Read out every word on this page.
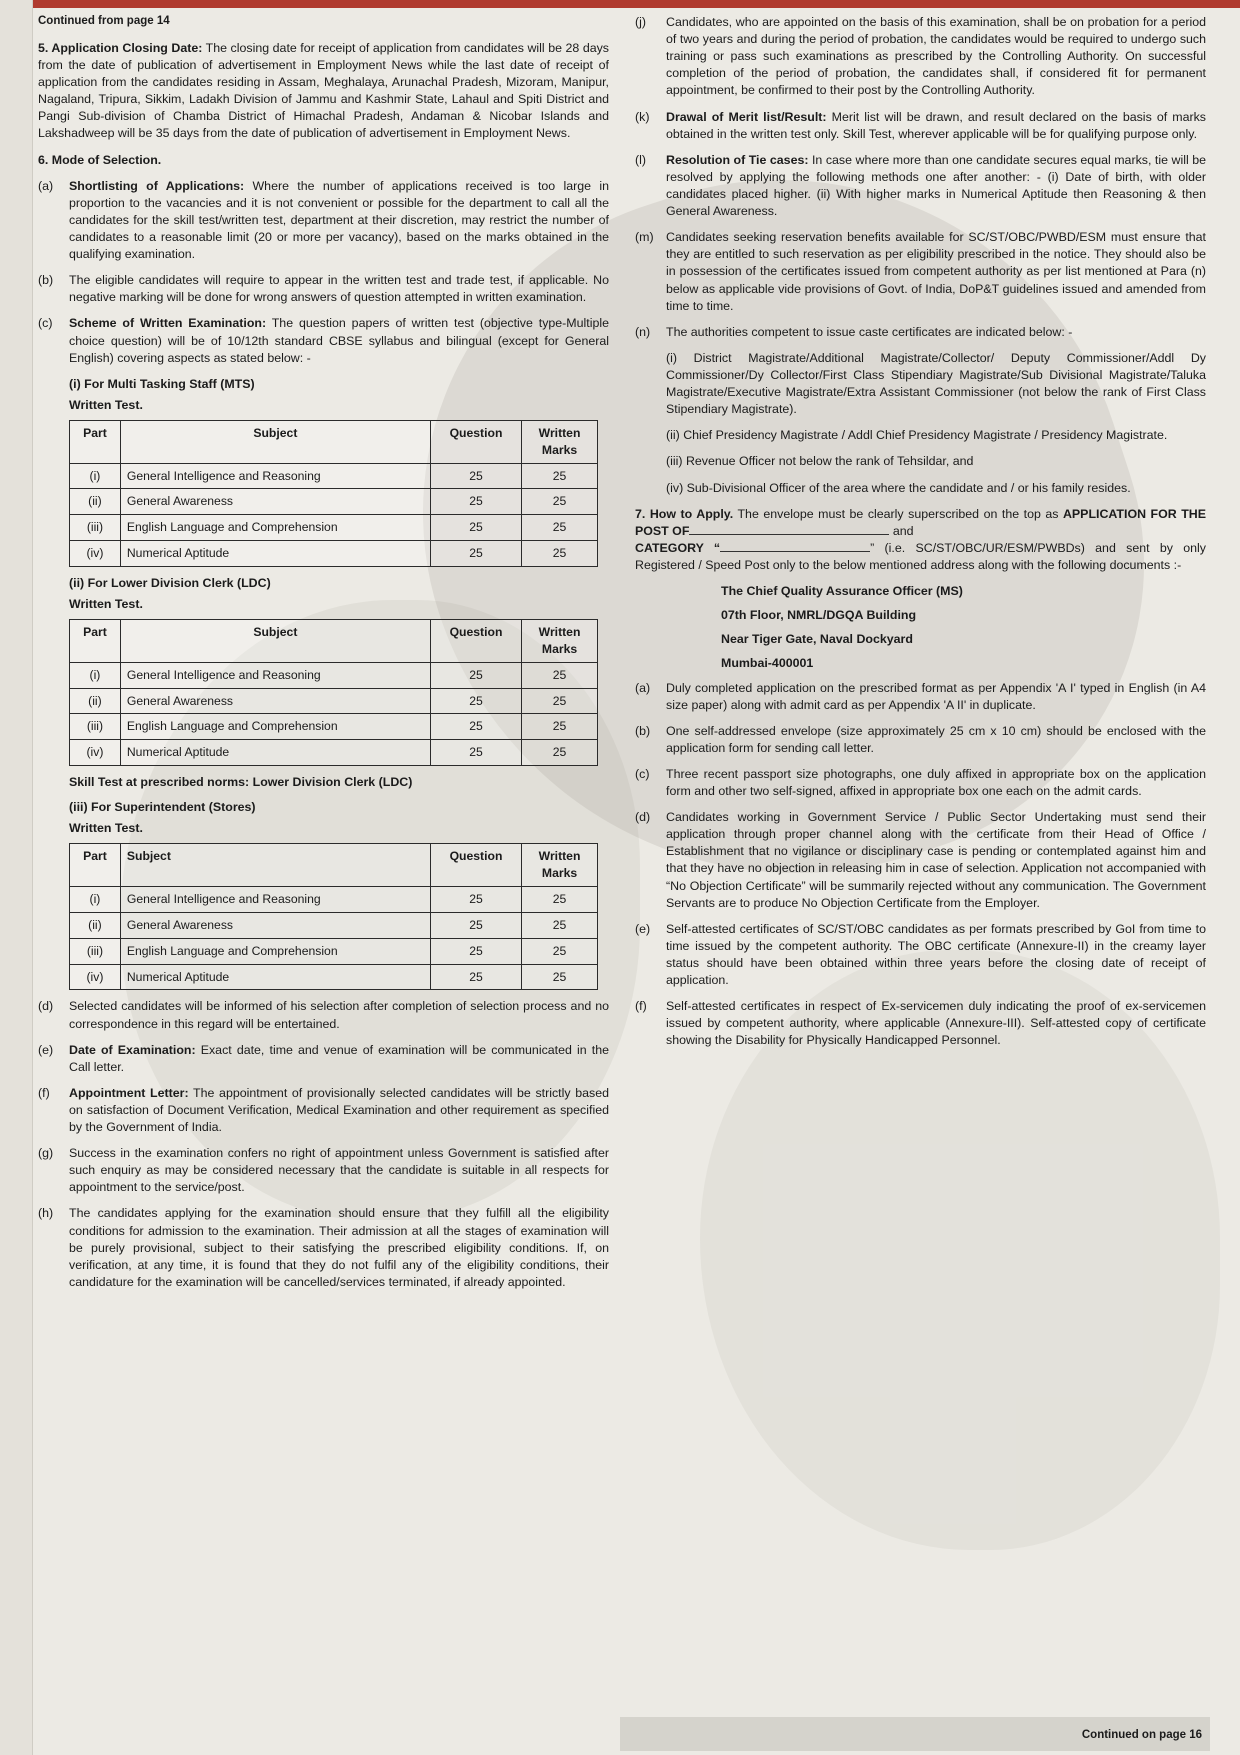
Continued from page 14

5. Application Closing Date: The closing date for receipt of application from candidates will be 28 days from the date of publication of advertisement in Employment News while the last date of receipt of application from the candidates residing in Assam, Meghalaya, Arunachal Pradesh, Mizoram, Manipur, Nagaland, Tripura, Sikkim, Ladakh Division of Jammu and Kashmir State, Lahaul and Spiti District and Pangi Sub-division of Chamba District of Himachal Pradesh, Andaman & Nicobar Islands and Lakshadweep will be 35 days from the date of publication of advertisement in Employment News.

6. Mode of Selection.

(a)	Shortlisting of Applications: Where the number of applications received is too large in proportion to the vacancies and it is not convenient or possible for the department to call all the candidates for the skill test/written test, department at their discretion, may restrict the number of candidates to a reasonable limit (20 or more per vacancy), based on the marks obtained in the qualifying examination.
(b)	The eligible candidates will require to appear in the written test and trade test, if applicable. No negative marking will be done for wrong answers of question attempted in written examination.
(c)	Scheme of Written Examination: The question papers of written test (objective type-Multiple choice question) will be of 10/12th standard CBSE syllabus and bilingual (except for General English) covering aspects as stated below: -
(i) For Multi Tasking Staff (MTS)
Written Test.
Part	Subject	Question	Written
Marks
(i)	General Intelligence and Reasoning	25	25
(ii)	General Awareness	25	25
(iii)	English Language and Comprehension	25	25
(iv)	Numerical Aptitude	25	25
(ii) For Lower Division Clerk (LDC)
Written Test.
Part	Subject	Question	Written
Marks
(i)	General Intelligence and Reasoning	25	25
(ii)	General Awareness	25	25
(iii)	English Language and Comprehension	25	25
(iv)	Numerical Aptitude	25	25
Skill Test at prescribed norms: Lower Division Clerk (LDC)
(iii) For Superintendent (Stores)
Written Test.
Part	Subject	Question	Written
Marks
(i)	General Intelligence and Reasoning	25	25
(ii)	General Awareness	25	25
(iii)	English Language and Comprehension	25	25
(iv)	Numerical Aptitude	25	25
(d)	Selected candidates will be informed of his selection after completion of selection process and no correspondence in this regard will be entertained.
(e)	Date of Examination: Exact date, time and venue of examination will be communicated in the Call letter.
(f)	Appointment Letter: The appointment of provisionally selected candidates will be strictly based on satisfaction of Document Verification, Medical Examination and other requirement as specified by the Government of India.
(g)	Success in the examination confers no right of appointment unless Government is satisfied after such enquiry as may be considered necessary that the candidate is suitable in all respects for appointment to the service/post.
(h)	The candidates applying for the examination should ensure that they fulfill all the eligibility conditions for admission to the examination. Their admission at all the stages of examination will be purely provisional, subject to their satisfying the prescribed eligibility conditions. If, on verification, at any time, it is found that they do not fulfil any of the eligibility conditions, their candidature for the examination will be cancelled/services terminated, if already appointed.
(j)	Candidates, who are appointed on the basis of this examination, shall be on probation for a period of two years and during the period of probation, the candidates would be required to undergo such training or pass such examinations as prescribed by the Controlling Authority. On successful completion of the period of probation, the candidates shall, if considered fit for permanent appointment, be confirmed to their post by the Controlling Authority.
(k)	Drawal of Merit list/Result: Merit list will be drawn, and result declared on the basis of marks obtained in the written test only. Skill Test, wherever applicable will be for qualifying purpose only.
(l)	Resolution of Tie cases: In case where more than one candidate secures equal marks, tie will be resolved by applying the following methods one after another: - (i) Date of birth, with older candidates placed higher. (ii) With higher marks in Numerical Aptitude then Reasoning & then General Awareness.
(m)	Candidates seeking reservation benefits available for SC/ST/OBC/PWBD/ESM must ensure that they are entitled to such reservation as per eligibility prescribed in the notice. They should also be in possession of the certificates issued from competent authority as per list mentioned at Para (n) below as applicable vide provisions of Govt. of India, DoP&T guidelines issued and amended from time to time.
(n)	The authorities competent to issue caste certificates are indicated below: -

(i) District Magistrate/Additional Magistrate/Collector/ Deputy Commissioner/Addl Dy Commissioner/Dy Collector/First Class Stipendiary Magistrate/Sub Divisional Magistrate/Taluka Magistrate/Executive Magistrate/Extra Assistant Commissioner (not below the rank of First Class Stipendiary Magistrate).

(ii) Chief Presidency Magistrate / Addl Chief Presidency Magistrate / Presidency Magistrate.

(iii) Revenue Officer not below the rank of Tehsildar, and

(iv) Sub-Divisional Officer of the area where the candidate and / or his family resides.

7. How to Apply. The envelope must be clearly superscribed on the top as APPLICATION FOR THE POST OF	and
CATEGORY “	” (i.e. SC/ST/OBC/UR/ESM/PWBDs) and sent by only Registered / Speed Post only to the below mentioned address along with the following documents :-

The Chief Quality Assurance Officer (MS)
07th Floor, NMRL/DGQA Building
Near Tiger Gate, Naval Dockyard
Mumbai-400001
(a)	Duly completed application on the prescribed format as per Appendix 'A I' typed in English (in A4 size paper) along with admit card as per Appendix 'A II' in duplicate.
(b)	One self-addressed envelope (size approximately 25 cm x 10 cm) should be enclosed with the application form for sending call letter.
(c)	Three recent passport size photographs, one duly affixed in appropriate box on the application form and other two self-signed, affixed in appropriate box one each on the admit cards.
(d)	Candidates working in Government Service / Public Sector Undertaking must send their application through proper channel along with the certificate from their Head of Office / Establishment that no vigilance or disciplinary case is pending or contemplated against him and that they have no objection in releasing him in case of selection. Application not accompanied with “No Objection Certificate” will be summarily rejected without any communication. The Government Servants are to produce No Objection Certificate from the Employer.
(e)	Self-attested certificates of SC/ST/OBC candidates as per formats prescribed by GoI from time to time issued by the competent authority. The OBC certificate (Annexure-II) in the creamy layer status should have been obtained within three years before the closing date of receipt of application.
(f)	Self-attested certificates in respect of Ex-servicemen duly indicating the proof of ex-servicemen issued by competent authority, where applicable (Annexure-III). Self-attested copy of certificate showing the Disability for Physically Handicapped Personnel.
Continued on page 16
